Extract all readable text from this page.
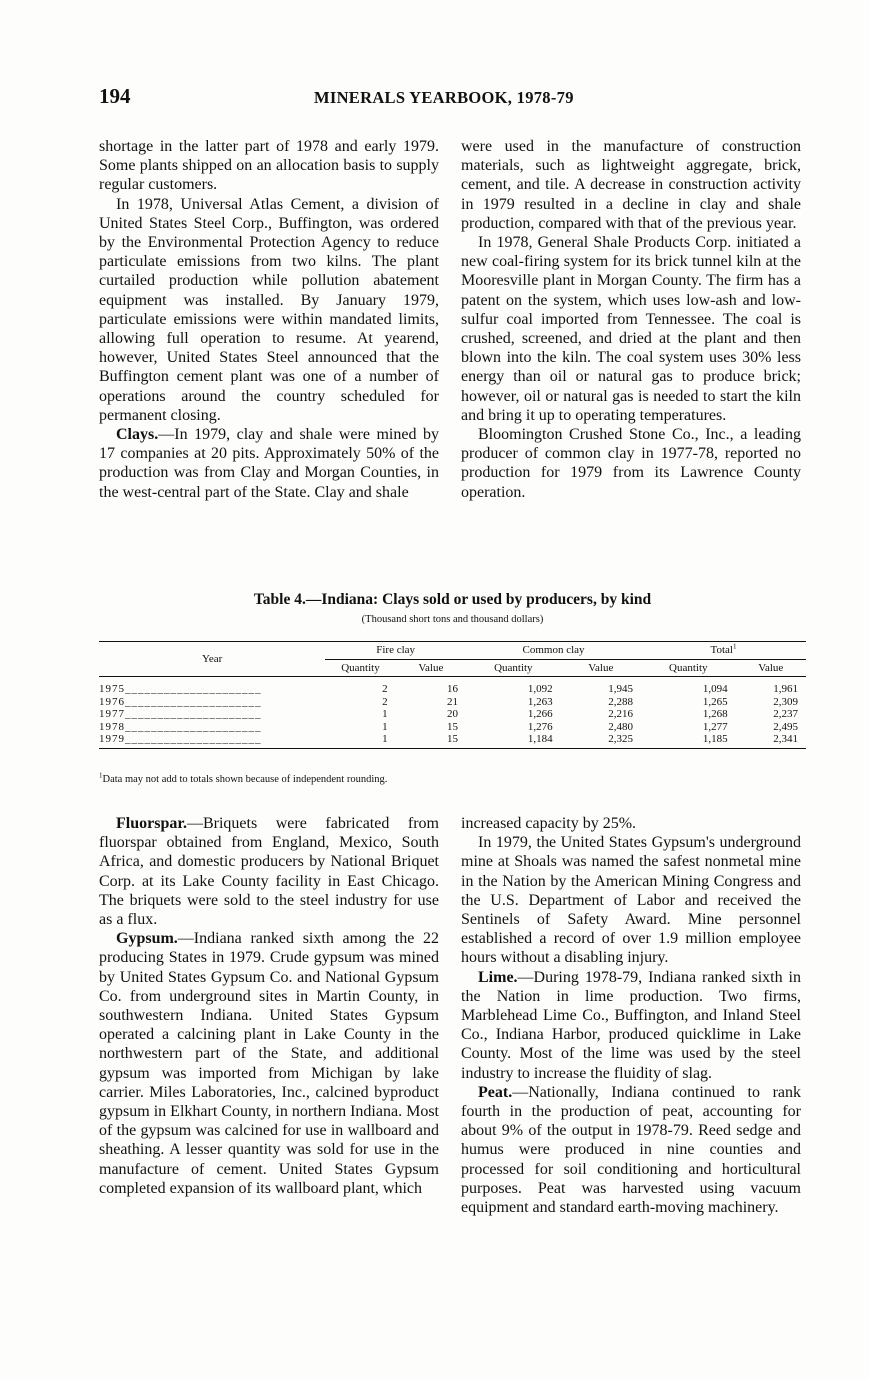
194	MINERALS YEARBOOK, 1978-79

shortage in the latter part of 1978 and early 1979. Some plants shipped on an allocation basis to supply regular customers.

In 1978, Universal Atlas Cement, a division of United States Steel Corp., Buffington, was ordered by the Environmental Protection Agency to reduce particulate emissions from two kilns. The plant curtailed production while pollution abatement equipment was installed. By January 1979, particulate emissions were within mandated limits, allowing full operation to resume. At yearend, however, United States Steel announced that the Buffington cement plant was one of a number of operations around the country scheduled for permanent closing.

Clays.—In 1979, clay and shale were mined by 17 companies at 20 pits. Approximately 50% of the production was from Clay and Morgan Counties, in the west-central part of the State. Clay and shale

were used in the manufacture of construction materials, such as lightweight aggregate, brick, cement, and tile. A decrease in construction activity in 1979 resulted in a decline in clay and shale production, compared with that of the previous year.

In 1978, General Shale Products Corp. initiated a new coal-firing system for its brick tunnel kiln at the Mooresville plant in Morgan County. The firm has a patent on the system, which uses low-ash and low-sulfur coal imported from Tennessee. The coal is crushed, screened, and dried at the plant and then blown into the kiln. The coal system uses 30% less energy than oil or natural gas to produce brick; however, oil or natural gas is needed to start the kiln and bring it up to operating temperatures.

Bloomington Crushed Stone Co., Inc., a leading producer of common clay in 1977-78, reported no production for 1979 from its Lawrence County operation.

Table 4.—Indiana: Clays sold or used by producers, by kind
(Thousand short tons and thousand dollars)
Year	Fire clay		Common clay		Total$^1$
	Quantity	Value	Quantity	Value	Quantity	Value
1975_____________________	2	16	1,092	1,945	1,094	1,961
1976_____________________	2	21	1,263	2,288	1,265	2,309
1977_____________________	1	20	1,266	2,216	1,268	2,237
1978_____________________	1	15	1,276	2,480	1,277	2,495
1979_____________________	1	15	1,184	2,325	1,185	2,341
$^1$Data may not add to totals shown because of independent rounding.

Fluorspar.—Briquets were fabricated from fluorspar obtained from England, Mexico, South Africa, and domestic producers by National Briquet Corp. at its Lake County facility in East Chicago. The briquets were sold to the steel industry for use as a flux.

Gypsum.—Indiana ranked sixth among the 22 producing States in 1979. Crude gypsum was mined by United States Gypsum Co. and National Gypsum Co. from underground sites in Martin County, in southwestern Indiana. United States Gypsum operated a calcining plant in Lake County in the northwestern part of the State, and additional gypsum was imported from Michigan by lake carrier. Miles Laboratories, Inc., calcined byproduct gypsum in Elkhart County, in northern Indiana. Most of the gypsum was calcined for use in wallboard and sheathing. A lesser quantity was sold for use in the manufacture of cement. United States Gypsum completed expansion of its wallboard plant, which

increased capacity by 25%.

In 1979, the United States Gypsum's underground mine at Shoals was named the safest nonmetal mine in the Nation by the American Mining Congress and the U.S. Department of Labor and received the Sentinels of Safety Award. Mine personnel established a record of over 1.9 million employee hours without a disabling injury.

Lime.—During 1978-79, Indiana ranked sixth in the Nation in lime production. Two firms, Marblehead Lime Co., Buffington, and Inland Steel Co., Indiana Harbor, produced quicklime in Lake County. Most of the lime was used by the steel industry to increase the fluidity of slag.

Peat.—Nationally, Indiana continued to rank fourth in the production of peat, accounting for about 9% of the output in 1978-79. Reed sedge and humus were produced in nine counties and processed for soil conditioning and horticultural purposes. Peat was harvested using vacuum equipment and standard earth-moving machinery.
